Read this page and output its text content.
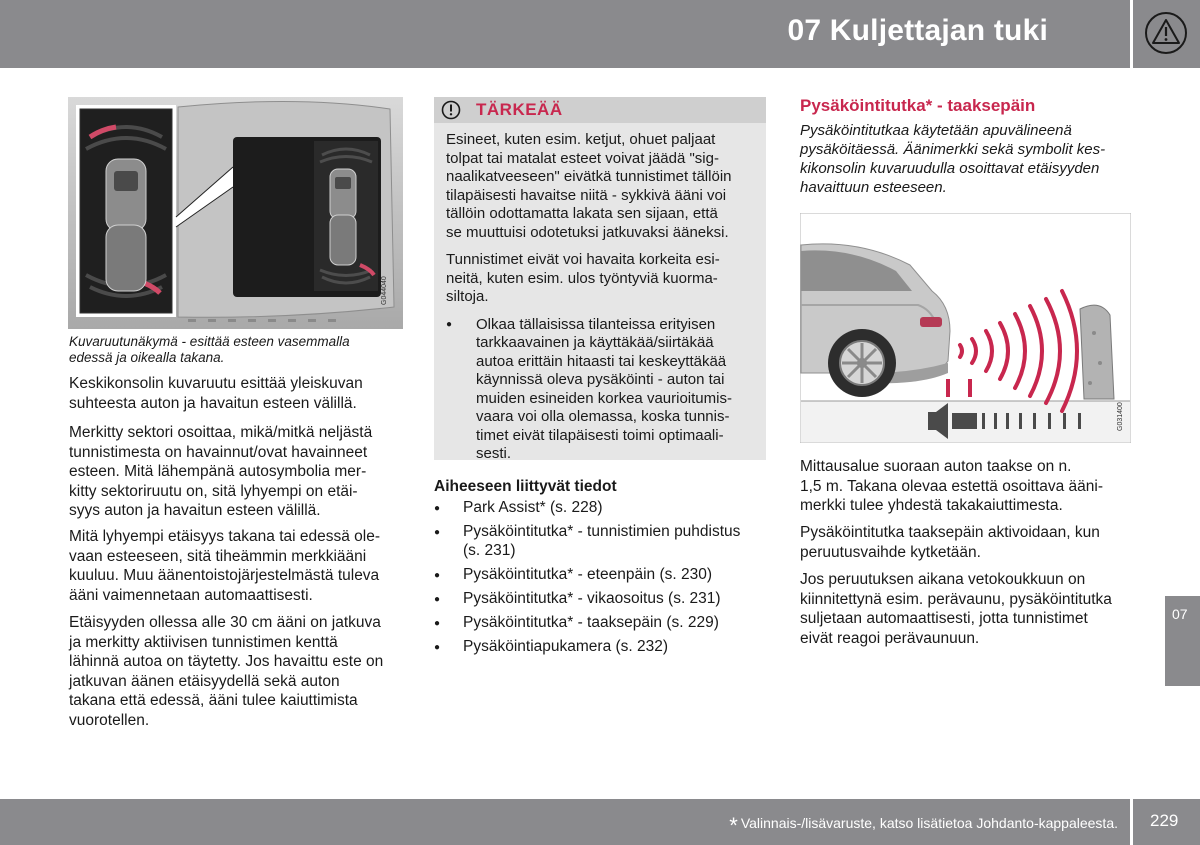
07 Kuljettajan tuki
07
G044040
Kuvaruutunäkymä - esittää esteen vasemmalla
edessä ja oikealla takana.

Keskikonsolin kuvaruutu esittää yleiskuvan
suhteesta auton ja havaitun esteen välillä.

Merkitty sektori osoittaa, mikä/mitkä neljästä
tunnistimesta on havainnut/ovat havainneet
esteen. Mitä lähempänä autosymbolia mer-
kitty sektoriruutu on, sitä lyhyempi on etäi-
syys auton ja havaitun esteen välillä.

Mitä lyhyempi etäisyys takana tai edessä ole-
vaan esteeseen, sitä tiheämmin merkkiääni
kuuluu. Muu äänentoistojärjestelmästä tuleva
ääni vaimennetaan automaattisesti.

Etäisyyden ollessa alle 30 cm ääni on jatkuva
ja merkitty aktiivisen tunnistimen kenttä
lähinnä autoa on täytetty. Jos havaittu este on
jatkuvan äänen etäisyydellä sekä auton
takana että edessä, ääni tulee kaiuttimista
vuorotellen.

TÄRKEÄÄ

Esineet, kuten esim. ketjut, ohuet paljaat
tolpat tai matalat esteet voivat jäädä "sig-
naalikatveeseen" eivätkä tunnistimet tällöin
tilapäisesti havaitse niitä - sykkivä ääni voi
tällöin odottamatta lakata sen sijaan, että
se muuttuisi odotetuksi jatkuvaksi ääneksi.

Tunnistimet eivät voi havaita korkeita esi-
neitä, kuten esim. ulos työntyviä kuorma-
siltoja.

● Olkaa tällaisissa tilanteissa erityisen
tarkkaavainen ja käyttäkää/siirtäkää
autoa erittäin hitaasti tai keskeyttäkää
käynnissä oleva pysäköinti - auton tai
muiden esineiden korkea vaurioitumis-
vaara voi olla olemassa, koska tunnis-
timet eivät tilapäisesti toimi optimaali-
sesti.

Aiheeseen liittyvät tiedot
● Park Assist* (s. 228)
● Pysäköintitutka* - tunnistimien puhdistus
(s. 231)
● Pysäköintitutka* - eteenpäin (s. 230)
● Pysäköintitutka* - vikaosoitus (s. 231)
● Pysäköintitutka* - taaksepäin (s. 229)
● Pysäköintiapukamera (s. 232)
Pysäköintitutka* - taaksepäin
Pysäköintitutkaa käytetään apuvälineenä
pysäköitäessä. Äänimerkki sekä symbolit kes-
kikonsolin kuvaruudulla osoittavat etäisyyden
havaittuun esteeseen.
G031400

Mittausalue suoraan auton taakse on n.
1,5 m. Takana olevaa estettä osoittava ääni-
merkki tulee yhdestä takakaiuttimesta.

Pysäköintitutka taaksepäin aktivoidaan, kun
peruutusvaihde kytketään.

Jos peruutuksen aikana vetokoukkuun on
kiinnitettynä esim. perävaunu, pysäköintitutka
suljetaan automaattisesti, jotta tunnistimet
eivät reagoi perävaunuun.

* Valinnais-/lisävaruste, katso lisätietoa Johdanto-kappaleesta. 229
